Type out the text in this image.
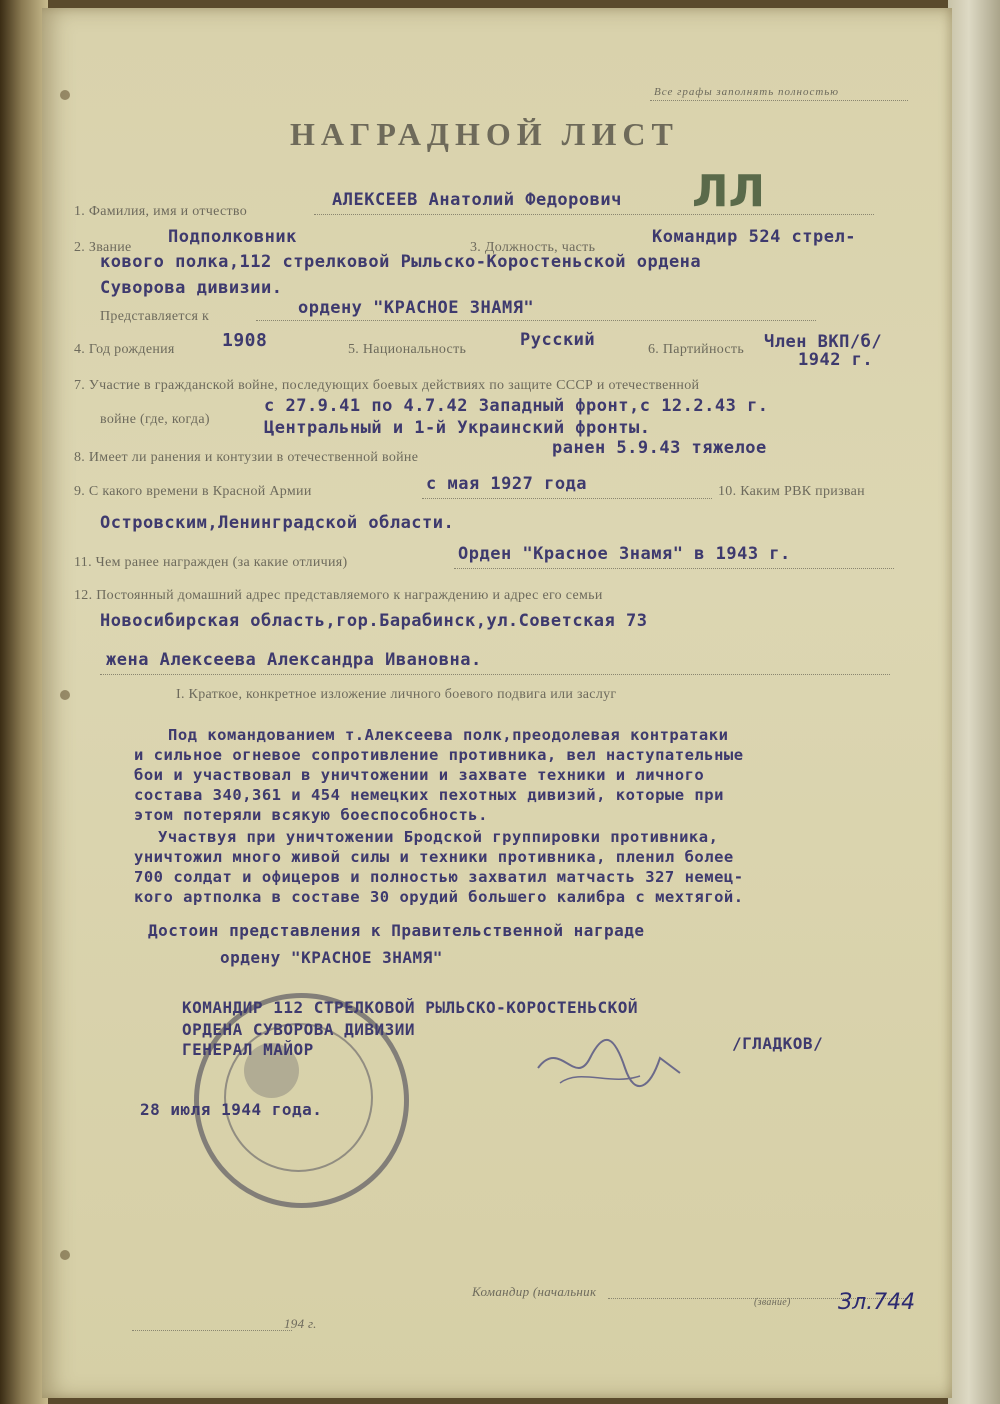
Все графы заполнять полностью
НАГРАДНОЙ ЛИСТ
ЛЛ
1. Фамилия, имя и отчество
АЛЕКСЕЕВ Анатолий Федорович
2. Звание
Подполковник
3. Должность, часть
Командир 524 стрел-
кового полка,112 стрелковой Рыльско-Коростеньской ордена
Суворова дивизии.
Представляется к	ордену "КРАСНОЕ ЗНАМЯ"
4. Год рождения	1908	5. Национальность	Русский	6. Партийность Член ВКП/б/
1942 г.
7. Участие в гражданской войне, последующих боевых действиях по защите СССР и отечественной
войне (где, когда)
с 27.9.41 по 4.7.42 Западный фронт,с 12.2.43 г.
Центральный и 1-й Украинский фронты.
8. Имеет ли ранения и контузии в отечественной войне	ранен 5.9.43 тяжелое
9. С какого времени в Красной Армии	с мая 1927 года	10. Каким РВК призван
Островским,Ленинградской области.
11. Чем ранее награжден (за какие отличия)	Орден "Красное Знамя" в 1943 г.
12. Постоянный домашний адрес представляемого к награждению и адрес его семьи
Новосибирская область,гор.Барабинск,ул.Советская 73
жена Алексеева Александра Ивановна.
I. Краткое, конкретное изложение личного боевого подвига или заслуг
Под командованием т.Алексеева полк,преодолевая контратаки
и сильное огневое сопротивление противника, вел наступательные
бои и участвовал в уничтожении и захвате техники и личного
состава 340,361 и 454 немецких пехотных дивизий, которые при
этом потеряли всякую боеспособность.
Участвуя при уничтожении Бродской группировки противника,
уничтожил много живой силы и техники противника, пленил более
700 солдат и офицеров и полностью захватил матчасть 327 немец-
кого артполка в составе 30 орудий большего калибра с мехтягой.
Достоин представления к Правительственной награде
ордену "КРАСНОЕ ЗНАМЯ"
КОМАНДИР 112 СТРЕЛКОВОЙ РЫЛЬСКО-КОРОСТЕНЬСКОЙ
ОРДЕНА СУВОРОВА ДИВИЗИИ
ГЕНЕРАЛ МАЙОР	/ГЛАДКОВ/
28 июля 1944 года.
Командир (начальник
(звание)
194 г.
Зл.744
